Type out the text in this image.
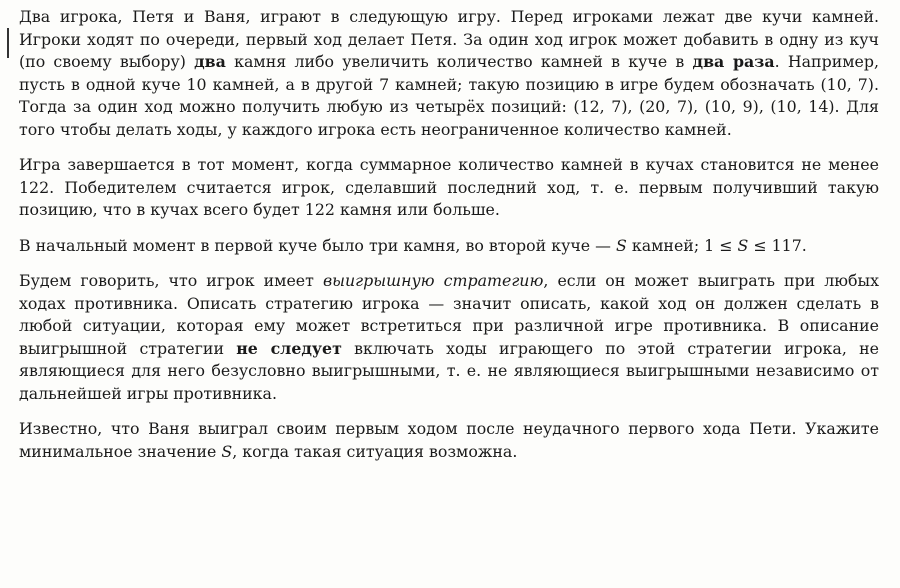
Два игрока, Петя и Ваня, играют в следующую игру. Перед игроками лежат две кучи камней. Игроки ходят по очереди, первый ход делает Петя. За один ход игрок может добавить в одну из куч (по своему выбору) два камня либо увеличить количество камней в куче в два раза. Например, пусть в одной куче 10 камней, а в другой 7 камней; такую позицию в игре будем обозначать (10, 7). Тогда за один ход можно получить любую из четырёх позиций: (12, 7), (20, 7), (10, 9), (10, 14). Для того чтобы делать ходы, у каждого игрока есть неограниченное количество камней.

Игра завершается в тот момент, когда суммарное количество камней в кучах становится не менее 122. Победителем считается игрок, сделавший последний ход, т. е. первым получивший такую позицию, что в кучах всего будет 122 камня или больше.

В начальный момент в первой куче было три камня, во второй куче — S камней; 1 ≤ S ≤ 117.

Будем говорить, что игрок имеет выигрышную стратегию, если он может выиграть при любых ходах противника. Описать стратегию игрока — значит описать, какой ход он должен сделать в любой ситуации, которая ему может встретиться при различной игре противника. В описание выигрышной стратегии не следует включать ходы играющего по этой стратегии игрока, не являющиеся для него безусловно выигрышными, т. е. не являющиеся выигрышными независимо от дальнейшей игры противника.

Известно, что Ваня выиграл своим первым ходом после неудачного первого хода Пети. Укажите минимальное значение S, когда такая ситуация возможна.
